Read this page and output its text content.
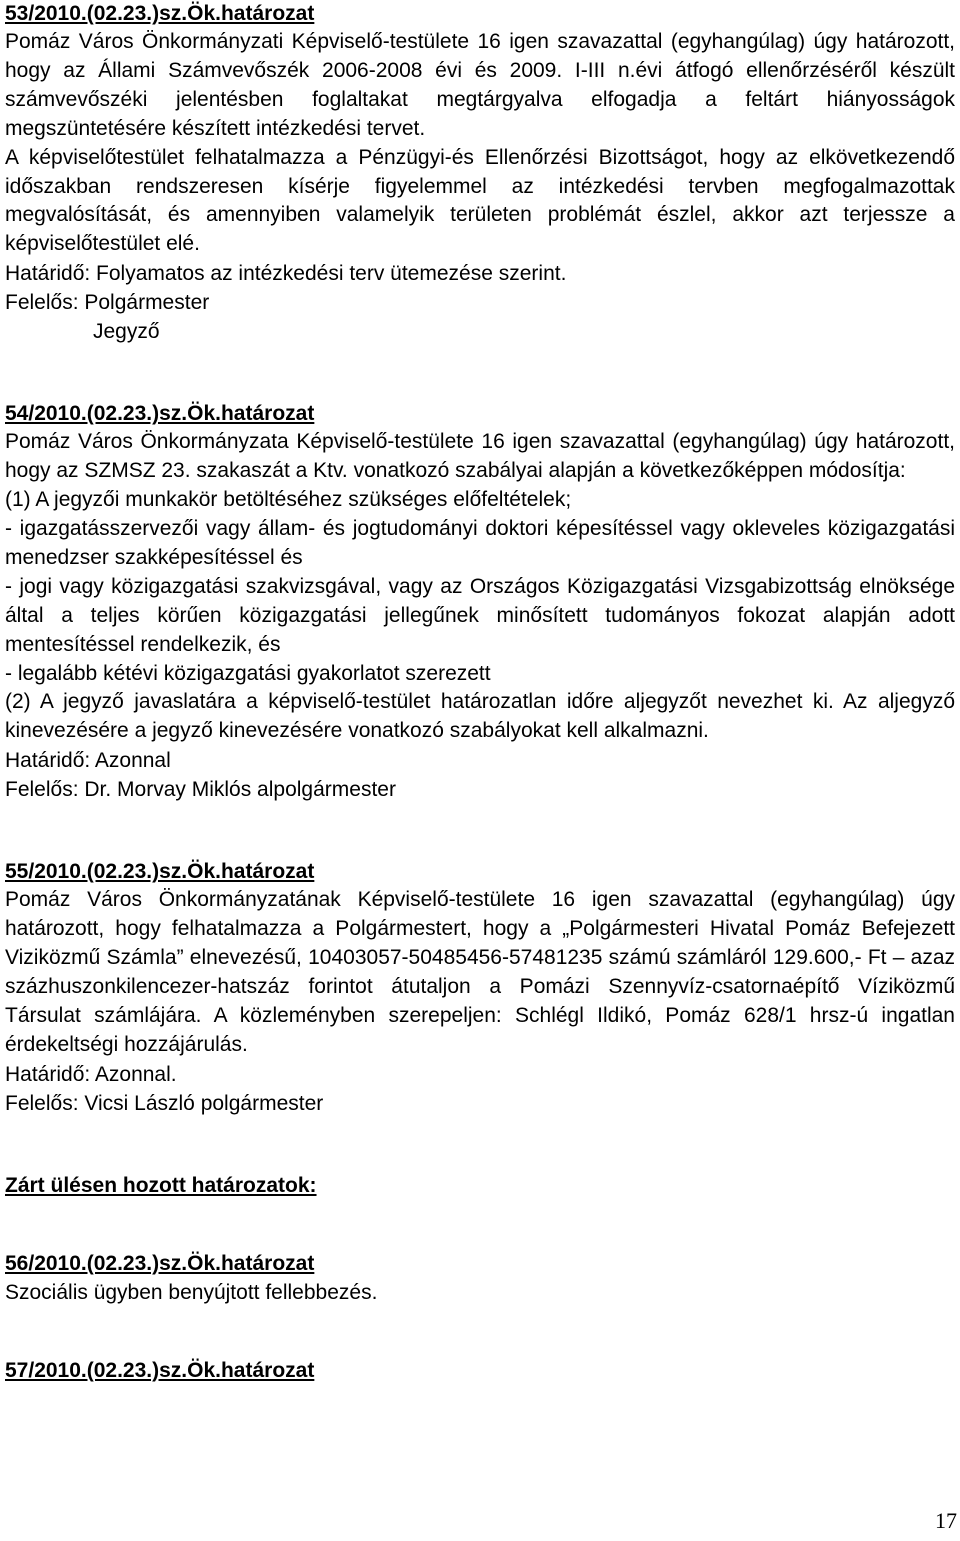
53/2010.(02.23.)sz.Ök.határozat

Pomáz Város Önkormányzati Képviselő-testülete 16 igen szavazattal (egyhangúlag) úgy határozott, hogy az Állami Számvevőszék 2006-2008 évi és 2009. I-III n.évi átfogó ellenőrzéséről készült számvevőszéki jelentésben foglaltakat megtárgyalva elfogadja a feltárt hiányosságok megszüntetésére készített intézkedési tervet.

A képviselőtestület felhatalmazza a Pénzügyi-és Ellenőrzési Bizottságot, hogy az elkövetkezendő időszakban rendszeresen kísérje figyelemmel az intézkedési tervben megfogalmazottak megvalósítását, és amennyiben valamelyik területen problémát észlel, akkor azt terjessze a képviselőtestület elé.

Határidő: Folyamatos az intézkedési terv ütemezése szerint.

Felelős: Polgármester

Jegyző

54/2010.(02.23.)sz.Ök.határozat

Pomáz Város Önkormányzata Képviselő-testülete 16 igen szavazattal (egyhangúlag) úgy határozott, hogy az SZMSZ 23. szakaszát a Ktv. vonatkozó szabályai alapján a következőképpen módosítja:

(1) A jegyzői munkakör betöltéséhez szükséges előfeltételek;

- igazgatásszervezői vagy állam- és jogtudományi doktori képesítéssel vagy okleveles közigazgatási menedzser szakképesítéssel és

- jogi vagy közigazgatási szakvizsgával, vagy az Országos Közigazgatási Vizsgabizottság elnöksége által a teljes körűen közigazgatási jellegűnek minősített tudományos fokozat alapján adott mentesítéssel rendelkezik, és

- legalább kétévi közigazgatási gyakorlatot szerezett

(2) A jegyző javaslatára a képviselő-testület határozatlan időre aljegyzőt nevezhet ki. Az aljegyző kinevezésére a jegyző kinevezésére vonatkozó szabályokat kell alkalmazni.

Határidő: Azonnal

Felelős: Dr. Morvay Miklós alpolgármester

55/2010.(02.23.)sz.Ök.határozat

Pomáz Város Önkormányzatának Képviselő-testülete 16 igen szavazattal (egyhangúlag) úgy határozott, hogy felhatalmazza a Polgármestert, hogy a „Polgármesteri Hivatal Pomáz Befejezett Viziközmű Számla” elnevezésű, 10403057-50485456-57481235 számú számláról 129.600,- Ft – azaz százhuszonkilencezer-hatszáz forintot átutaljon a Pomázi Szennyvíz-csatornaépítő Víziközmű Társulat számlájára. A közleményben szerepeljen: Schlégl Ildikó, Pomáz 628/1 hrsz-ú ingatlan érdekeltségi hozzájárulás.

Határidő: Azonnal.

Felelős: Vicsi László polgármester

Zárt ülésen hozott határozatok:

56/2010.(02.23.)sz.Ök.határozat

Szociális ügyben benyújtott fellebbezés.

57/2010.(02.23.)sz.Ök.határozat

17
